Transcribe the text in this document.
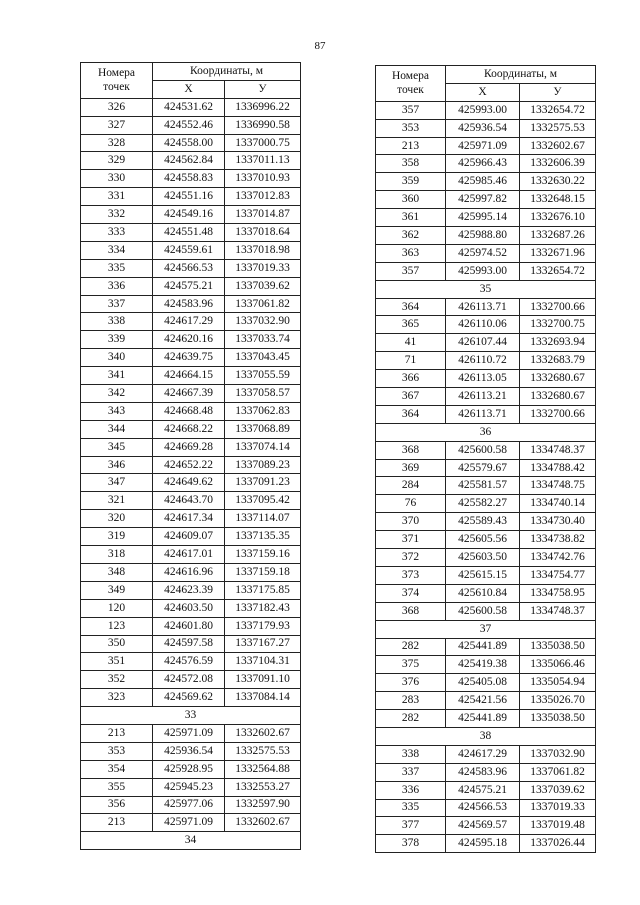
87
Номера
точек	Координаты, м	
	X	У
326	424531.62	1336996.22
327	424552.46	1336990.58
328	424558.00	1337000.75
329	424562.84	1337011.13
330	424558.83	1337010.93
331	424551.16	1337012.83
332	424549.16	1337014.87
333	424551.48	1337018.64
334	424559.61	1337018.98
335	424566.53	1337019.33
336	424575.21	1337039.62
337	424583.96	1337061.82
338	424617.29	1337032.90
339	424620.16	1337033.74
340	424639.75	1337043.45
341	424664.15	1337055.59
342	424667.39	1337058.57
343	424668.48	1337062.83
344	424668.22	1337068.89
345	424669.28	1337074.14
346	424652.22	1337089.23
347	424649.62	1337091.23
321	424643.70	1337095.42
320	424617.34	1337114.07
319	424609.07	1337135.35
318	424617.01	1337159.16
348	424616.96	1337159.18
349	424623.39	1337175.85
120	424603.50	1337182.43
123	424601.80	1337179.93
350	424597.58	1337167.27
351	424576.59	1337104.31
352	424572.08	1337091.10
323	424569.62	1337084.14
33		
213	425971.09	1332602.67
353	425936.54	1332575.53
354	425928.95	1332564.88
355	425945.23	1332553.27
356	425977.06	1332597.90
213	425971.09	1332602.67
34		
Номера
точек	Координаты, м	
	X	У
357	425993.00	1332654.72
353	425936.54	1332575.53
213	425971.09	1332602.67
358	425966.43	1332606.39
359	425985.46	1332630.22
360	425997.82	1332648.15
361	425995.14	1332676.10
362	425988.80	1332687.26
363	425974.52	1332671.96
357	425993.00	1332654.72
35		
364	426113.71	1332700.66
365	426110.06	1332700.75
41	426107.44	1332693.94
71	426110.72	1332683.79
366	426113.05	1332680.67
367	426113.21	1332680.67
364	426113.71	1332700.66
36		
368	425600.58	1334748.37
369	425579.67	1334788.42
284	425581.57	1334748.75
76	425582.27	1334740.14
370	425589.43	1334730.40
371	425605.56	1334738.82
372	425603.50	1334742.76
373	425615.15	1334754.77
374	425610.84	1334758.95
368	425600.58	1334748.37
37		
282	425441.89	1335038.50
375	425419.38	1335066.46
376	425405.08	1335054.94
283	425421.56	1335026.70
282	425441.89	1335038.50
38		
338	424617.29	1337032.90
337	424583.96	1337061.82
336	424575.21	1337039.62
335	424566.53	1337019.33
377	424569.57	1337019.48
378	424595.18	1337026.44
